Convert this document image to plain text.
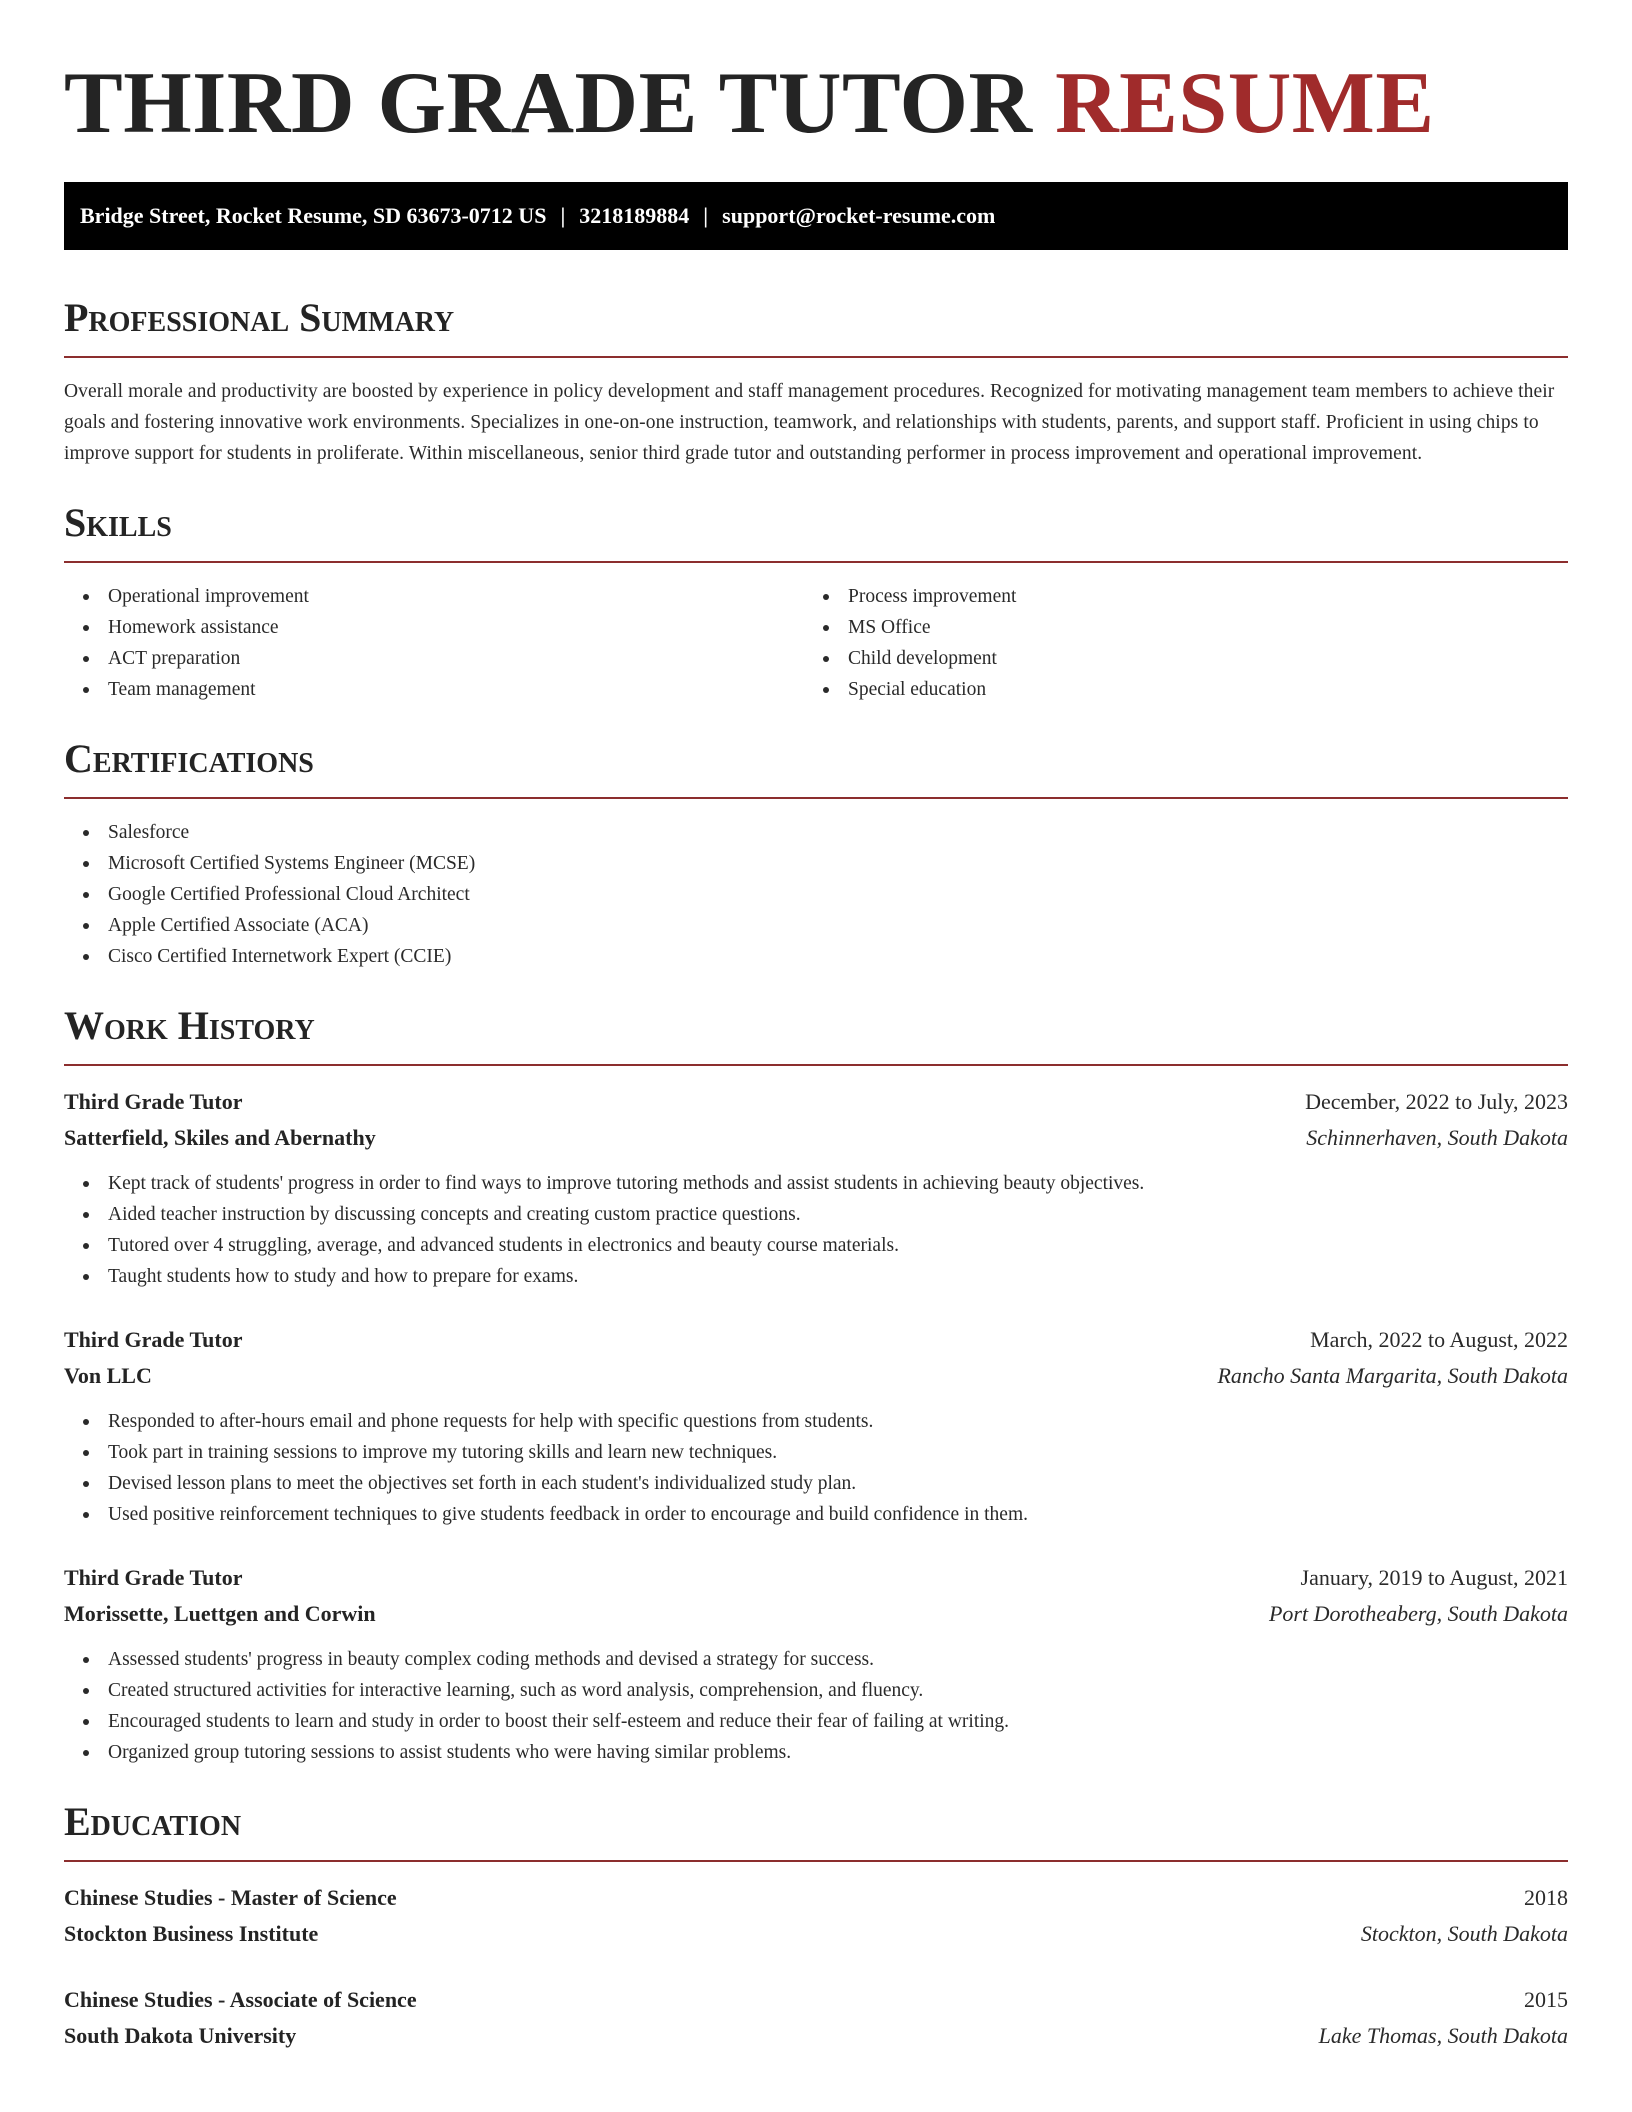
THIRD GRADE TUTOR RESUME
Bridge Street, Rocket Resume, SD 63673-0712 US | 3218189884 | support@rocket-resume.com
Professional Summary

Overall morale and productivity are boosted by experience in policy development and staff management procedures. Recognized for motivating management team members to achieve their goals and fostering innovative work environments. Specializes in one-on-one instruction, teamwork, and relationships with students, parents, and support staff. Proficient in using chips to improve support for students in proliferate. Within miscellaneous, senior third grade tutor and outstanding performer in process improvement and operational improvement.

Skills
Operational improvement
Homework assistance
ACT preparation
Team management
Process improvement
MS Office
Child development
Special education
Certifications
Salesforce
Microsoft Certified Systems Engineer (MCSE)
Google Certified Professional Cloud Architect
Apple Certified Associate (ACA)
Cisco Certified Internetwork Expert (CCIE)
Work History
Third Grade Tutor	December, 2022 to July, 2023
Satterfield, Skiles and Abernathy	Schinnerhaven, South Dakota
Kept track of students' progress in order to find ways to improve tutoring methods and assist students in achieving beauty objectives.
Aided teacher instruction by discussing concepts and creating custom practice questions.
Tutored over 4 struggling, average, and advanced students in electronics and beauty course materials.
Taught students how to study and how to prepare for exams.
Third Grade Tutor	March, 2022 to August, 2022
Von LLC	Rancho Santa Margarita, South Dakota
Responded to after-hours email and phone requests for help with specific questions from students.
Took part in training sessions to improve my tutoring skills and learn new techniques.
Devised lesson plans to meet the objectives set forth in each student's individualized study plan.
Used positive reinforcement techniques to give students feedback in order to encourage and build confidence in them.
Third Grade Tutor	January, 2019 to August, 2021
Morissette, Luettgen and Corwin	Port Dorotheaberg, South Dakota
Assessed students' progress in beauty complex coding methods and devised a strategy for success.
Created structured activities for interactive learning, such as word analysis, comprehension, and fluency.
Encouraged students to learn and study in order to boost their self-esteem and reduce their fear of failing at writing.
Organized group tutoring sessions to assist students who were having similar problems.
Education
Chinese Studies - Master of Science	2018
Stockton Business Institute	Stockton, South Dakota
Chinese Studies - Associate of Science	2015
South Dakota University	Lake Thomas, South Dakota
